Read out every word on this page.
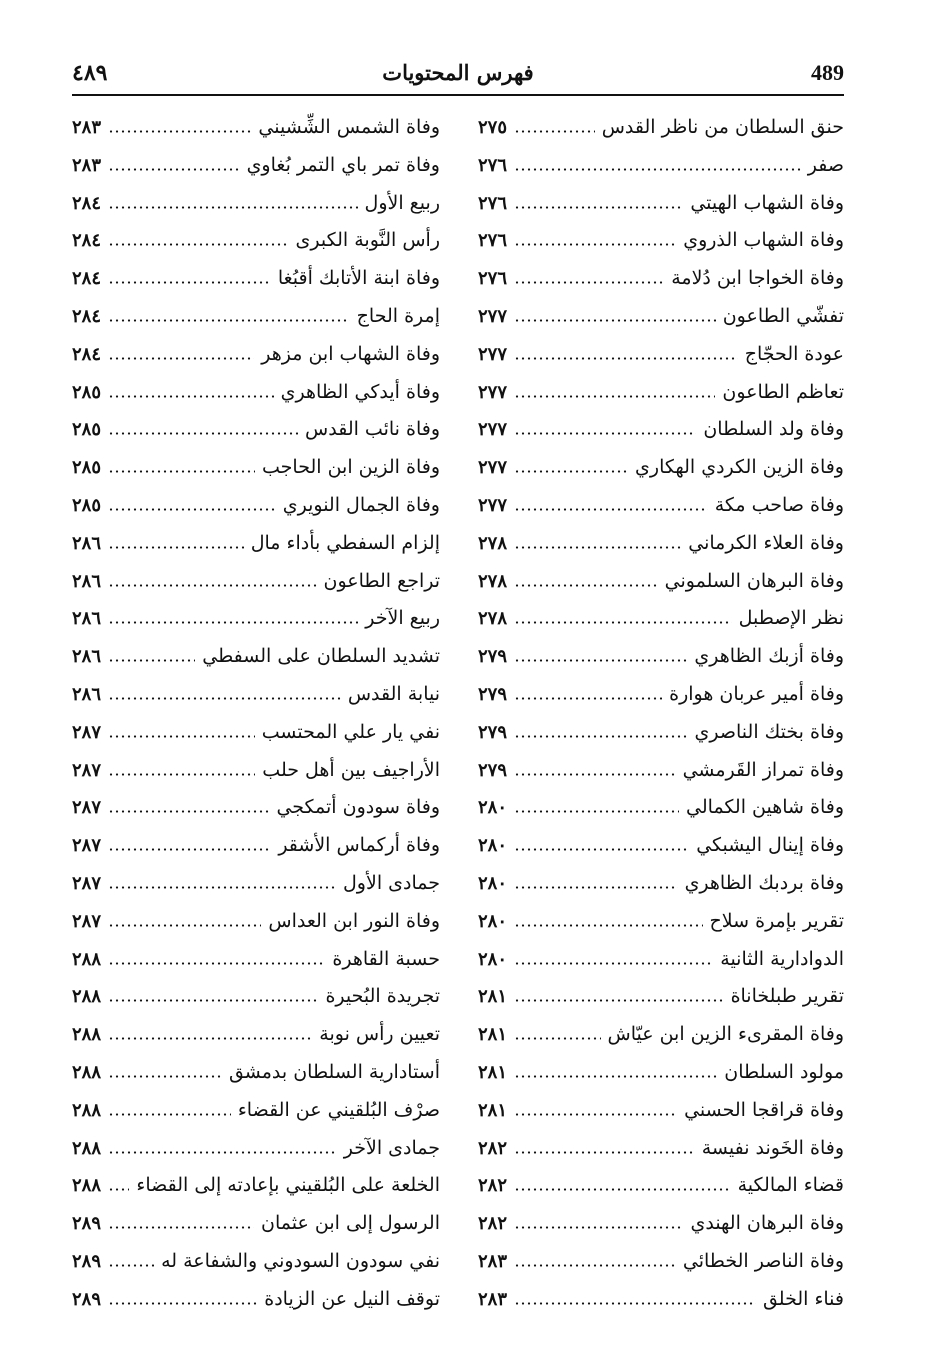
٤٨٩	فهرس المحتويات	489
حنق السلطان من ناظر القدس
٢٧٥
صفر
٢٧٦
وفاة الشهاب الهيتي
٢٧٦
وفاة الشهاب الذروي
٢٧٦
وفاة الخواجا ابن دُلامة
٢٧٦
تفشّي الطاعون
٢٧٧
عودة الحجّاج
٢٧٧
تعاظم الطاعون
٢٧٧
وفاة ولد السلطان
٢٧٧
وفاة الزين الكردي الهكاري
٢٧٧
وفاة صاحب مكة
٢٧٧
وفاة العلاء الكرماني
٢٧٨
وفاة البرهان السلموني
٢٧٨
نظر الإصطبل
٢٧٨
وفاة أزبك الظاهري
٢٧٩
وفاة أمير عربان هوارة
٢٧٩
وفاة بختك الناصري
٢٧٩
وفاة تمراز القَرمشي
٢٧٩
وفاة شاهين الكمالي
٢٨٠
وفاة إينال اليشبكي
٢٨٠
وفاة بردبك الظاهري
٢٨٠
تقرير بإمرة سلاح
٢٨٠
الدوادارية الثانية
٢٨٠
تقرير طبلخاناة
٢٨١
وفاة المقرىء الزين ابن عيّاش
٢٨١
مولود السلطان
٢٨١
وفاة قراقجا الحسني
٢٨١
وفاة الخَوند نفيسة
٢٨٢
قضاء المالكية
٢٨٢
وفاة البرهان الهندي
٢٨٢
وفاة الناصر الخطائي
٢٨٣
فناء الخلق
٢٨٣
وفاة الشمس الشِّشيني
٢٨٣
وفاة تمر باي التمر بُغاوي
٢٨٣
ربيع الأول
٢٨٤
رأس النَّوبة الكبرى
٢٨٤
وفاة ابنة الأتابك أقبُغا
٢٨٤
إمرة الحاج
٢٨٤
وفاة الشهاب ابن مزهر
٢٨٤
وفاة أيدكي الظاهري
٢٨٥
وفاة نائب القدس
٢٨٥
وفاة الزين ابن الحاجب
٢٨٥
وفاة الجمال النويري
٢٨٥
إلزام السفطي بأداء مال
٢٨٦
تراجع الطاعون
٢٨٦
ربيع الآخر
٢٨٦
تشديد السلطان على السفطي
٢٨٦
نيابة القدس
٢٨٦
نفي يار علي المحتسب
٢٨٧
الأراجيف بين أهل حلب
٢٨٧
وفاة سودون أتمكجي
٢٨٧
وفاة أركماس الأشقر
٢٨٧
جمادى الأول
٢٨٧
وفاة النور ابن العداس
٢٨٧
حسبة القاهرة
٢٨٨
تجريدة البُحيرة
٢٨٨
تعيين رأس نوبة
٢٨٨
أستادارية السلطان بدمشق
٢٨٨
صرْف البُلقيني عن القضاء
٢٨٨
جمادى الآخر
٢٨٨
الخلعة على البُلقيني بإعادته إلى القضاء
٢٨٨
الرسول إلى ابن عثمان
٢٨٩
نفي سودون السودوني والشفاعة له
٢٨٩
توقف النيل عن الزيادة
٢٨٩
